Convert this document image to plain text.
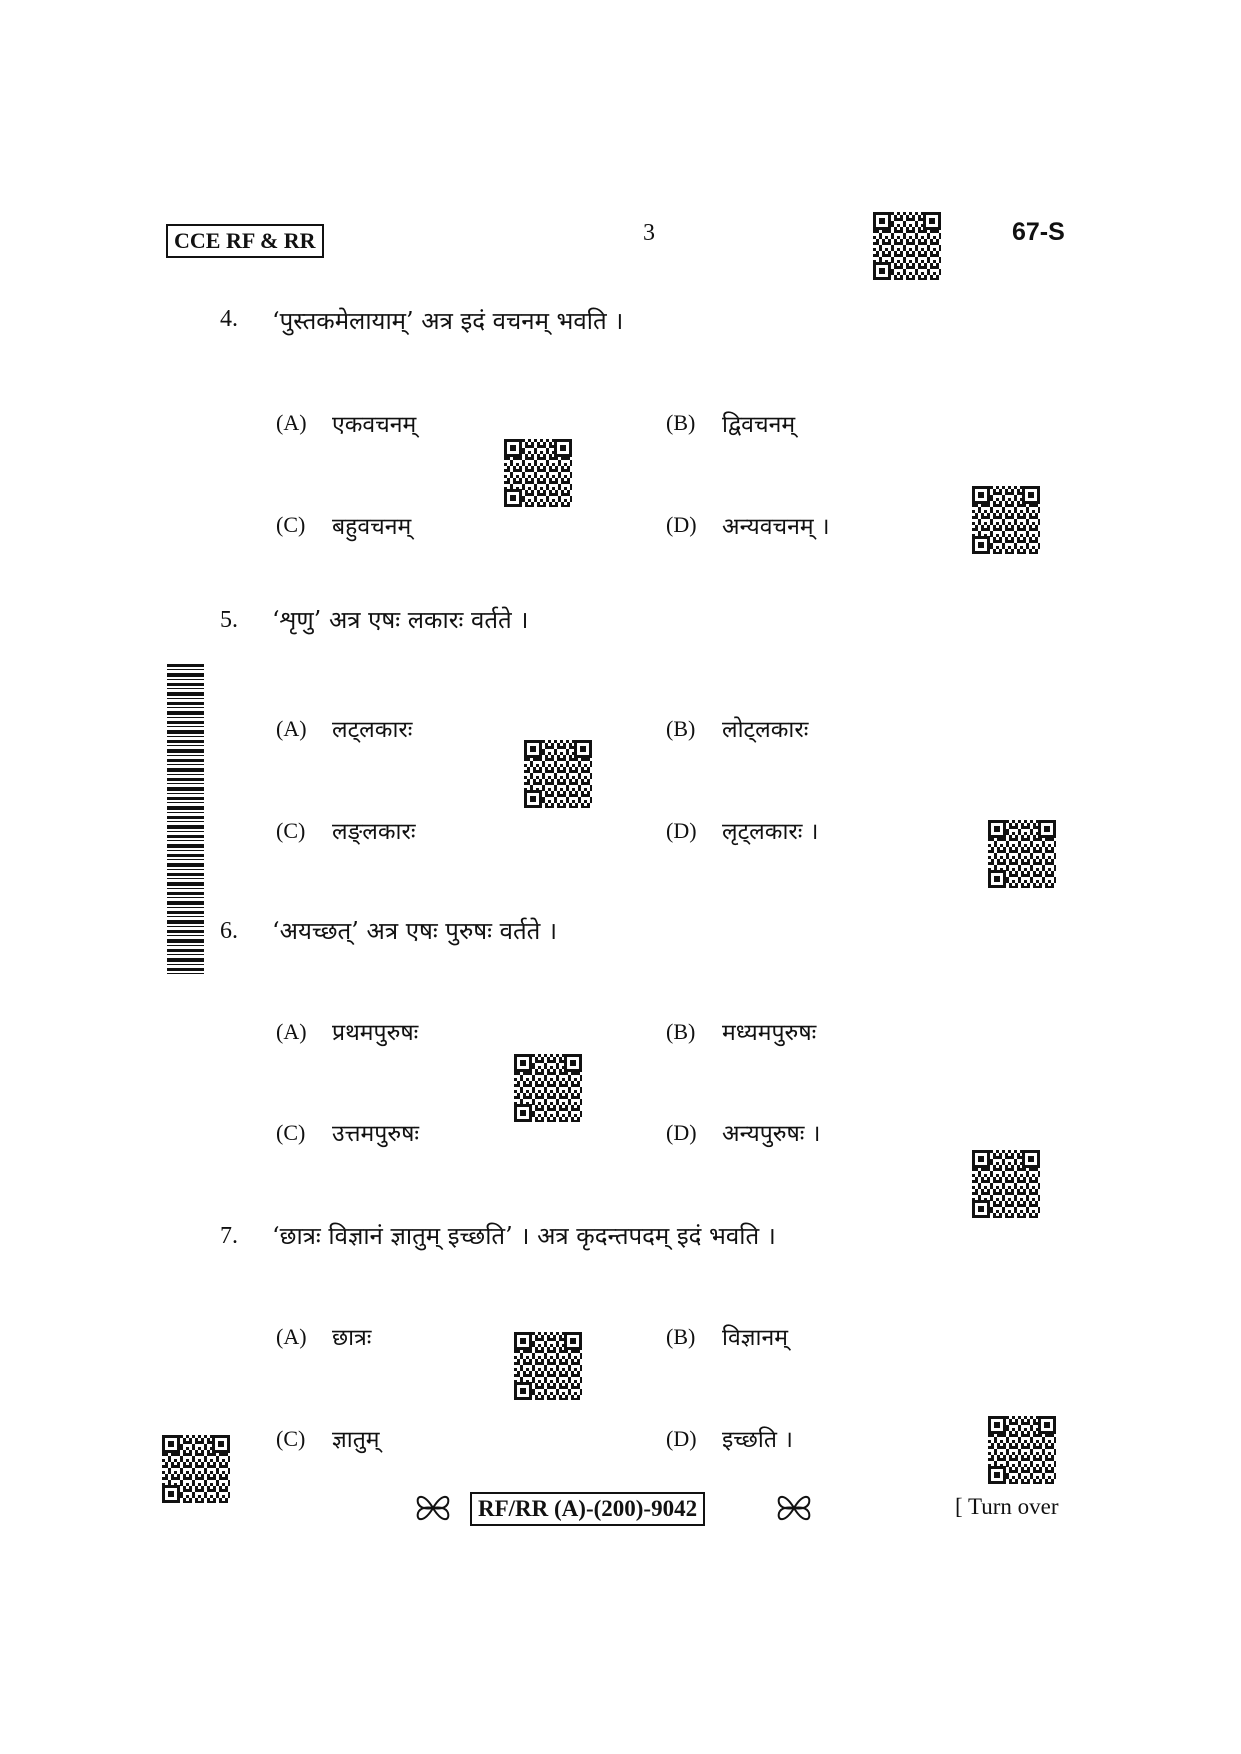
CCE RF & RR	3	67-S
4. ‘पुस्तकमेलायाम्’ अत्र इदं वचनम् भवति ।
(A) एकवचनम्	(B) द्विवचनम्
(C) बहुवचनम्	(D) अन्यवचनम् ।
5. ‘शृणु’ अत्र एषः लकारः वर्तते ।
(A) लट्लकारः	(B) लोट्लकारः
(C) लङ्लकारः	(D) लृट्लकारः ।
6. ‘अयच्छत्’ अत्र एषः पुरुषः वर्तते ।
(A) प्रथमपुरुषः	(B) मध्यमपुरुषः
(C) उत्तमपुरुषः	(D) अन्यपुरुषः ।
7. ‘छात्रः विज्ञानं ज्ञातुम् इच्छति’ । अत्र कृदन्तपदम् इदं भवति ।
(A) छात्रः	(B) विज्ञानम्
(C) ज्ञातुम्	(D) इच्छति ।
RF/RR (A)-(200)-9042	[ Turn over
